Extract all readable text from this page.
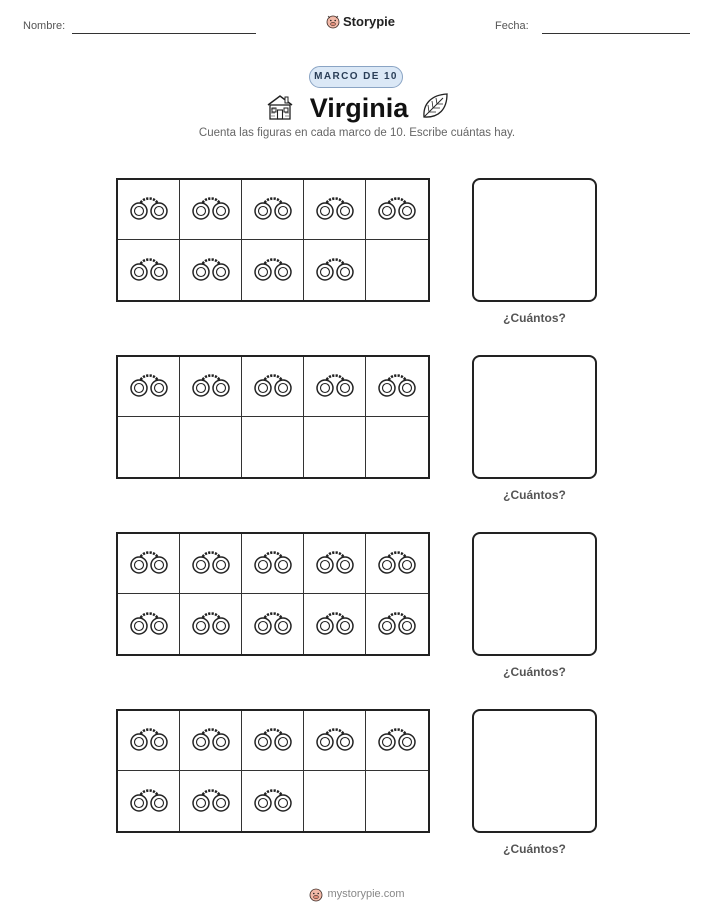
Nombre:	Storypie	Fecha:
MARCO DE 10
Virginia
Cuenta las figuras en cada marco de 10. Escribe cuántas hay.
¿Cuántos?
¿Cuántos?
¿Cuántos?
¿Cuántos?
mystorypie.com
